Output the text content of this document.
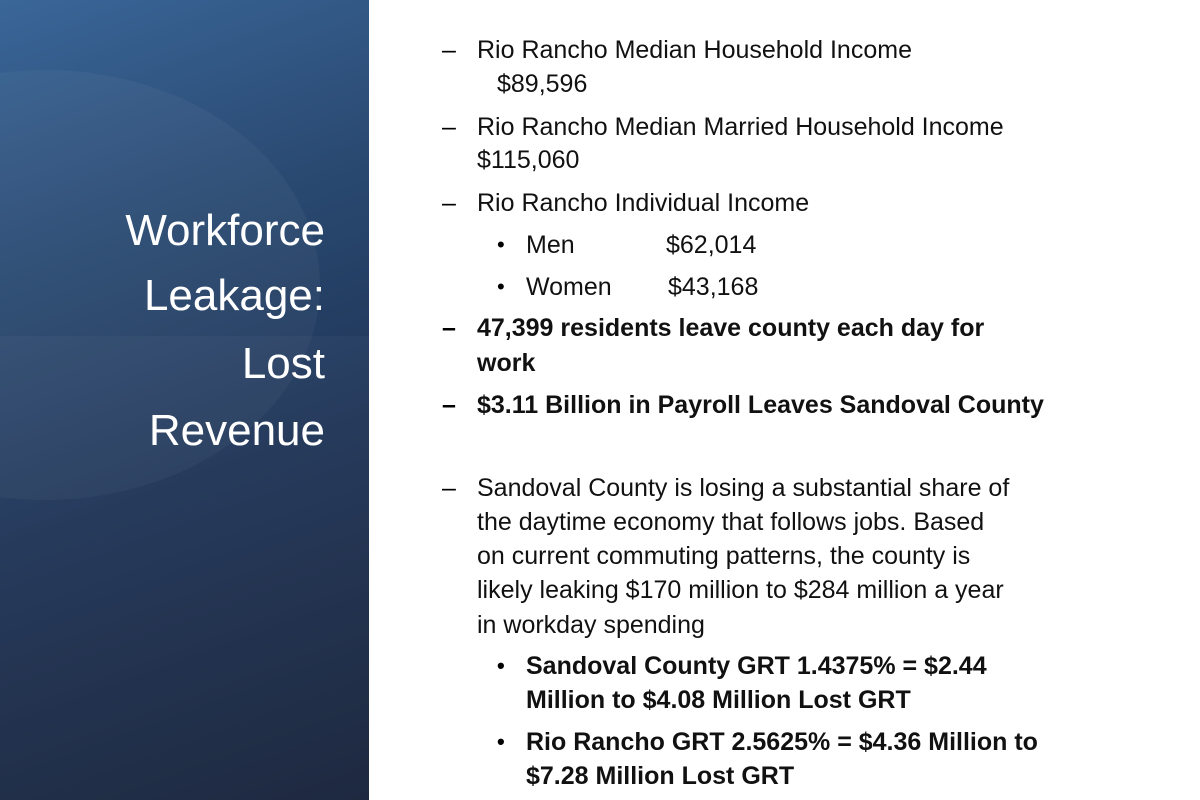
Workforce
Leakage:
Lost
Revenue
– Rio Rancho Median Household Income
$89,596
– Rio Rancho Median Married Household Income
$115,060
– Rio Rancho Individual Income
• Men	$62,014
• Women $43,168
– 47,399 residents leave county each day for
work
– $3.11 Billion in Payroll Leaves Sandoval County
– Sandoval County is losing a substantial share of
the daytime economy that follows jobs. Based
on current commuting patterns, the county is
likely leaking $170 million to $284 million a year
in workday spending
• Sandoval County GRT 1.4375% = $2.44
Million to $4.08 Million Lost GRT
• Rio Rancho GRT 2.5625% = $4.36 Million to
$7.28 Million Lost GRT
